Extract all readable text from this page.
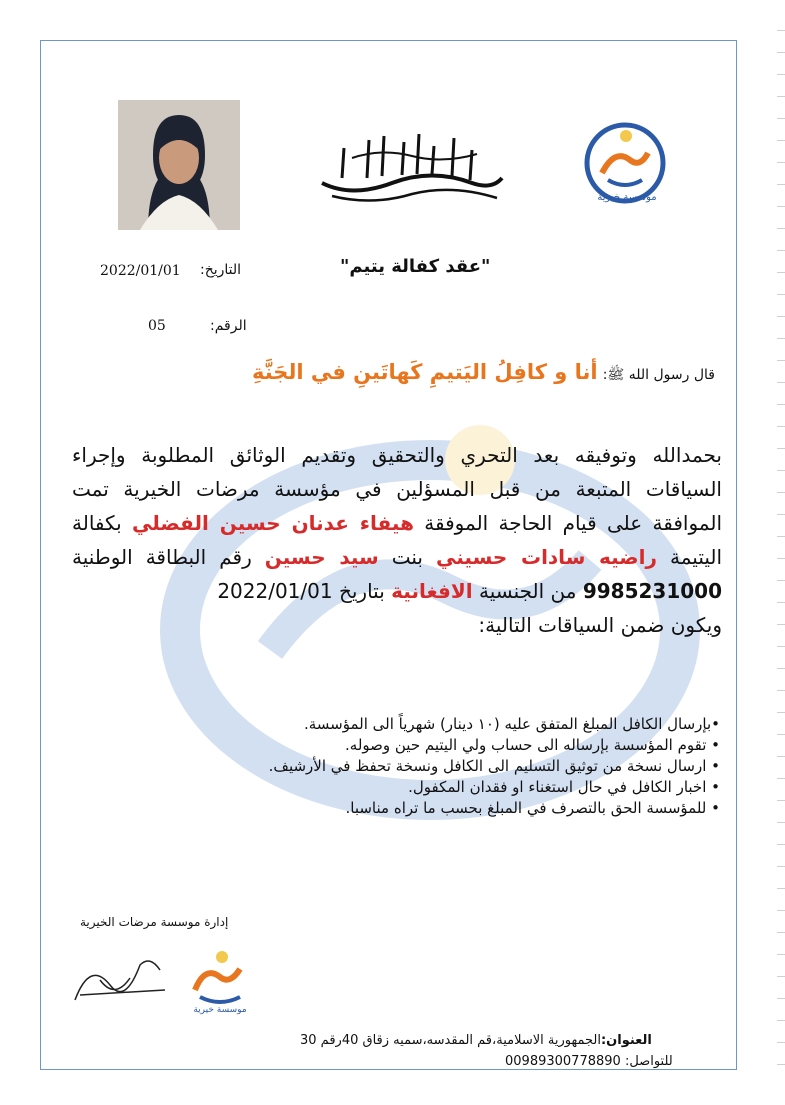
موسسة خيرية
"عقد كفالة يتيم"
التاريخ:
2022/01/01
الرقم:
05
قال رسول الله ﷺ: أنا و كافِلُ اليَتيمِ كَهاتَينِ في الجَنَّةِ
بحمدالله وتوفيقه بعد التحري والتحقيق وتقديم الوثائق المطلوبة وإجراء السياقات المتبعة من قبل المسؤلين في مؤسسة مرضات الخيرية تمت الموافقة على قيام الحاجة الموفقة هيفاء عدنان حسين الفضلي بكفالة اليتيمة راضيه سادات حسيني بنت سيد حسين رقم البطاقة الوطنية 9985231000 من الجنسية الافغانية بتاريخ 2022/01/01
ويكون ضمن السياقات التالية:
•بإرسال الكافل المبلغ المتفق عليه (١٠ دينار) شهرياً الى المؤسسة.
• تقوم المؤسسة بإرساله الى حساب ولي اليتيم حين وصوله.
• ارسال نسخة من توثيق التسليم الى الكافل ونسخة تحفظ في الأرشيف.
• اخبار الكافل في حال استغناء او فقدان المكفول.
• للمؤسسة الحق بالتصرف في المبلغ بحسب ما تراه مناسبا.
إدارة موسسة مرضات الخيرية
موسسة خيرية
العنوان:الجمهورية الاسلامية،قم المقدسه،سميه زقاق 40رقم 30
للتواصل: 00989300778890
